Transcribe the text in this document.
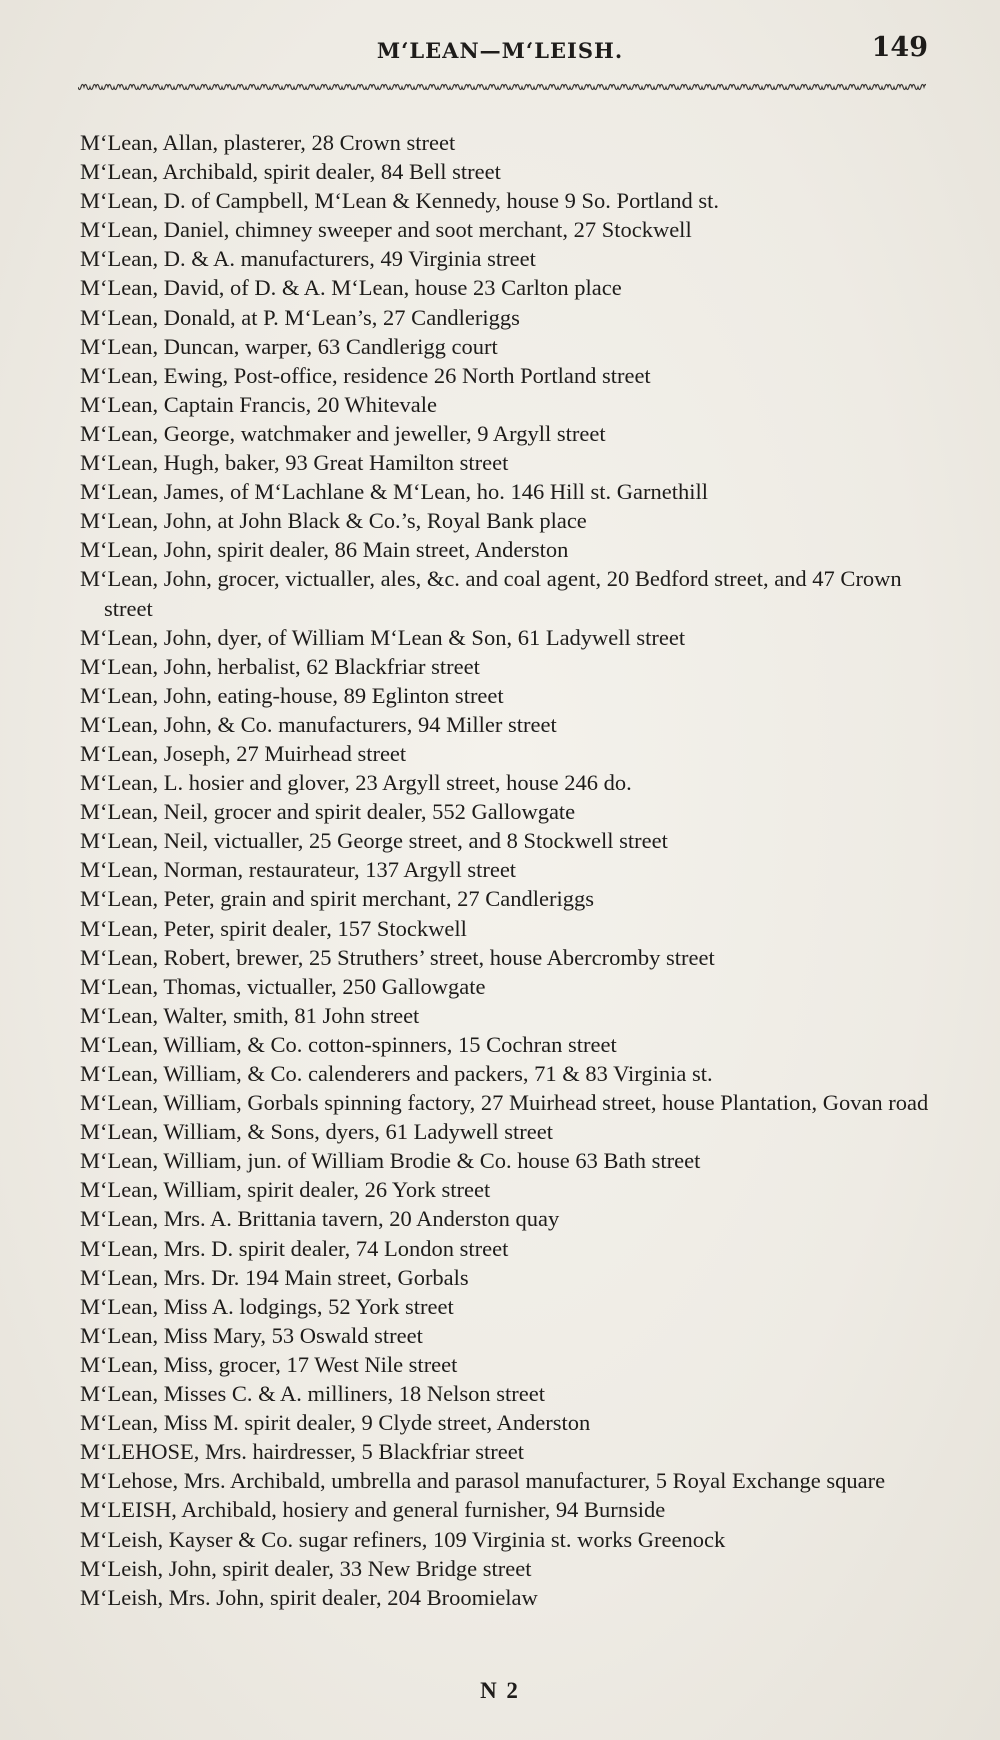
M‘LEAN—M‘LEISH.	149
M‘Lean, Allan, plasterer, 28 Crown street
M‘Lean, Archibald, spirit dealer, 84 Bell street
M‘Lean, D. of Campbell, M‘Lean & Kennedy, house 9 So. Portland st.
M‘Lean, Daniel, chimney sweeper and soot merchant, 27 Stockwell
M‘Lean, D. & A. manufacturers, 49 Virginia street
M‘Lean, David, of D. & A. M‘Lean, house 23 Carlton place
M‘Lean, Donald, at P. M‘Lean’s, 27 Candleriggs
M‘Lean, Duncan, warper, 63 Candlerigg court
M‘Lean, Ewing, Post-office, residence 26 North Portland street
M‘Lean, Captain Francis, 20 Whitevale
M‘Lean, George, watchmaker and jeweller, 9 Argyll street
M‘Lean, Hugh, baker, 93 Great Hamilton street
M‘Lean, James, of M‘Lachlane & M‘Lean, ho. 146 Hill st. Garnethill
M‘Lean, John, at John Black & Co.’s, Royal Bank place
M‘Lean, John, spirit dealer, 86 Main street, Anderston
M‘Lean, John, grocer, victualler, ales, &c. and coal agent, 20 Bedford street, and 47 Crown street
M‘Lean, John, dyer, of William M‘Lean & Son, 61 Ladywell street
M‘Lean, John, herbalist, 62 Blackfriar street
M‘Lean, John, eating-house, 89 Eglinton street
M‘Lean, John, & Co. manufacturers, 94 Miller street
M‘Lean, Joseph, 27 Muirhead street
M‘Lean, L. hosier and glover, 23 Argyll street, house 246 do.
M‘Lean, Neil, grocer and spirit dealer, 552 Gallowgate
M‘Lean, Neil, victualler, 25 George street, and 8 Stockwell street
M‘Lean, Norman, restaurateur, 137 Argyll street
M‘Lean, Peter, grain and spirit merchant, 27 Candleriggs
M‘Lean, Peter, spirit dealer, 157 Stockwell
M‘Lean, Robert, brewer, 25 Struthers’ street, house Abercromby street
M‘Lean, Thomas, victualler, 250 Gallowgate
M‘Lean, Walter, smith, 81 John street
M‘Lean, William, & Co. cotton-spinners, 15 Cochran street
M‘Lean, William, & Co. calenderers and packers, 71 & 83 Virginia st.
M‘Lean, William, Gorbals spinning factory, 27 Muirhead street, house Plantation, Govan road
M‘Lean, William, & Sons, dyers, 61 Ladywell street
M‘Lean, William, jun. of William Brodie & Co. house 63 Bath street
M‘Lean, William, spirit dealer, 26 York street
M‘Lean, Mrs. A. Brittania tavern, 20 Anderston quay
M‘Lean, Mrs. D. spirit dealer, 74 London street
M‘Lean, Mrs. Dr. 194 Main street, Gorbals
M‘Lean, Miss A. lodgings, 52 York street
M‘Lean, Miss Mary, 53 Oswald street
M‘Lean, Miss, grocer, 17 West Nile street
M‘Lean, Misses C. & A. milliners, 18 Nelson street
M‘Lean, Miss M. spirit dealer, 9 Clyde street, Anderston
M‘LEHOSE, Mrs. hairdresser, 5 Blackfriar street
M‘Lehose, Mrs. Archibald, umbrella and parasol manufacturer, 5 Royal Exchange square
M‘LEISH, Archibald, hosiery and general furnisher, 94 Burnside
M‘Leish, Kayser & Co. sugar refiners, 109 Virginia st. works Greenock
M‘Leish, John, spirit dealer, 33 New Bridge street
M‘Leish, Mrs. John, spirit dealer, 204 Broomielaw
N 2
